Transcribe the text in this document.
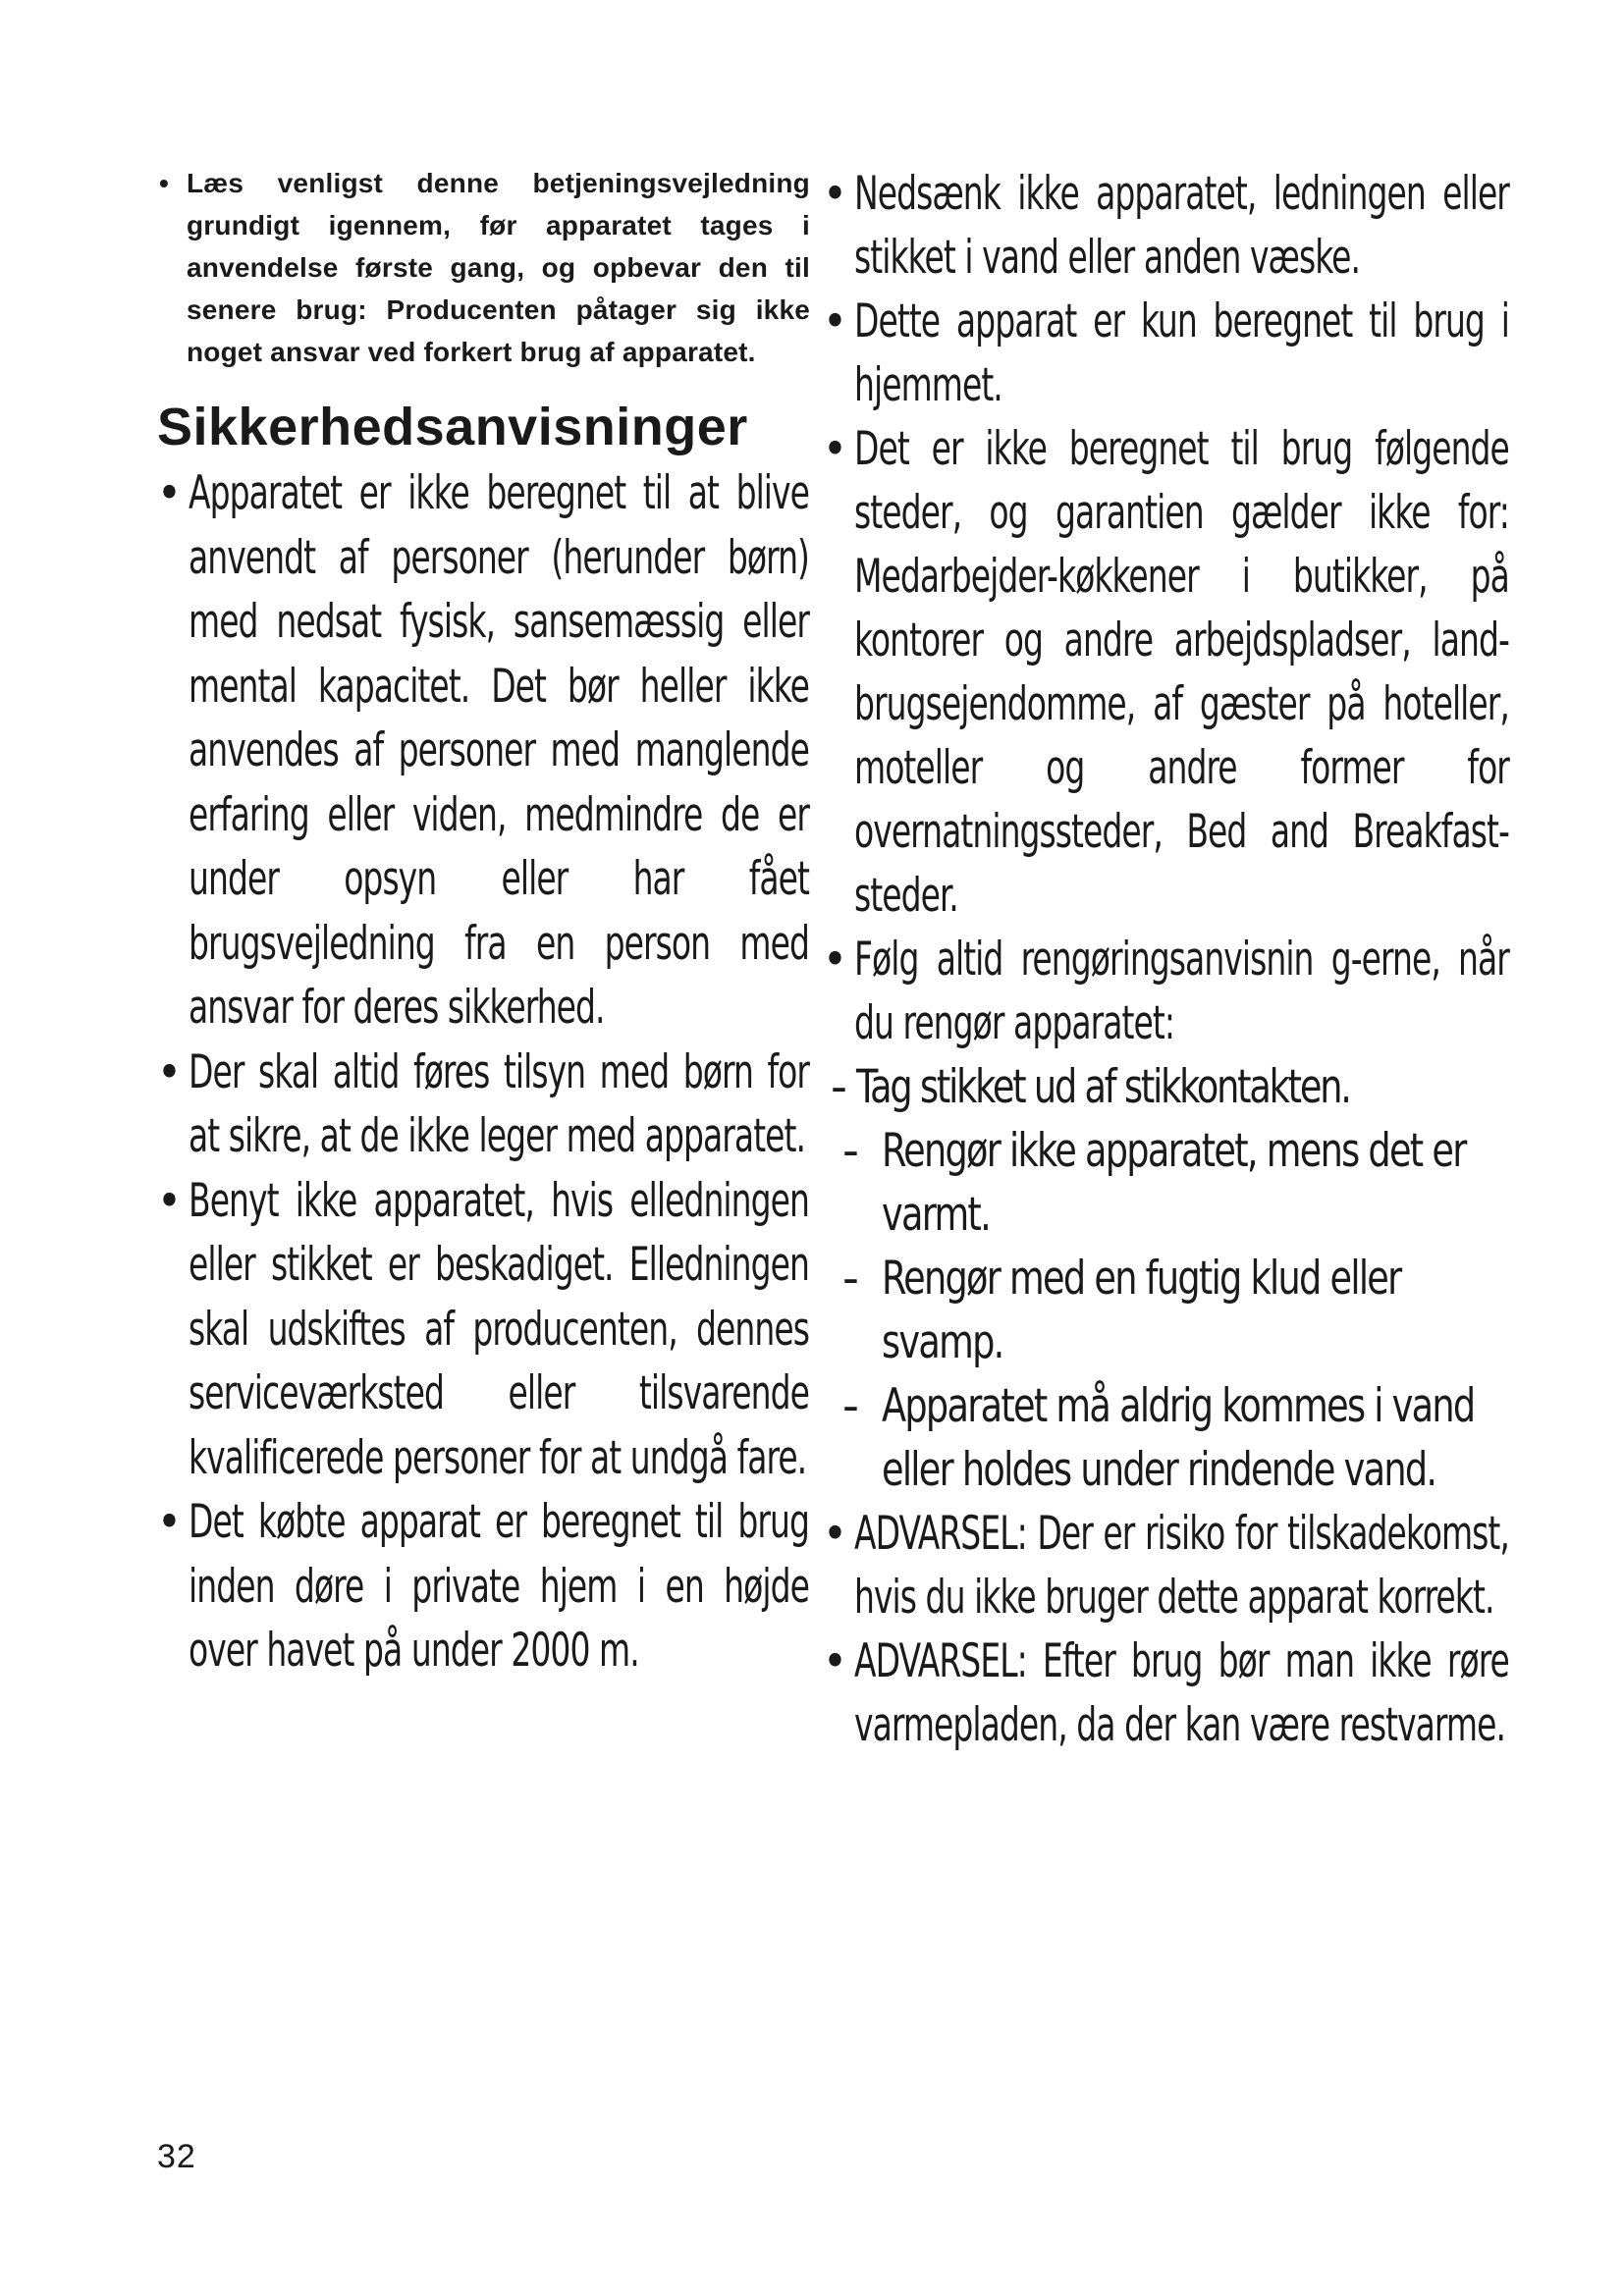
• Læs venligst denne betjeningsvejledning grundigt igennem, før apparatet tages i anvendelse første gang, og opbevar den til senere brug: Producenten påtager sig ikke noget ansvar ved forkert brug af apparatet.

Sikkerhedsanvisninger
• Apparatet er ikke beregnet til at blive anvendt af personer (herunder børn) med nedsat fysisk, sansemæssig eller mental kapacitet. Det bør heller ikke anvendes af personer med manglende erfaring eller viden, medmindre de er under opsyn eller har fået brugsvejledning fra en person med ansvar for deres sikkerhed.
• Der skal altid føres tilsyn med børn for at sikre, at de ikke leger med apparatet.
• Benyt ikke apparatet, hvis elledningen eller stikket er beskadiget. Elledningen skal udskiftes af producenten, dennes serviceværksted eller tilsvarende kvalificerede personer for at undgå fare.
• Det købte apparat er beregnet til brug inden døre i private hjem i en højde over havet på under 2000 m.
• Nedsænk ikke apparatet, ledningen eller stikket i vand eller anden væske.
• Dette apparat er kun beregnet til brug i hjemmet.
• Det er ikke beregnet til brug følgende steder, og garantien gælder ikke for: Medarbejder-køkkener i butikker, på kontorer og andre arbejdspladser, land-brugsejendomme, af gæster på hoteller, moteller og andre former for overnatningssteder, Bed and Breakfast-steder.
• Følg altid rengøringsanvisnin g-erne, når du rengør apparatet:

- Tag stikket ud af stikkontakten.

- Rengør ikke apparatet, mens det er varmt.

- Rengør med en fugtig klud eller svamp.

- Apparatet må aldrig kommes i vand eller holdes under rindende vand.

• ADVARSEL: Der er risiko for tilskadekomst, hvis du ikke bruger dette apparat korrekt.
• ADVARSEL: Efter brug bør man ikke røre varmepladen, da der kan være restvarme.
32
